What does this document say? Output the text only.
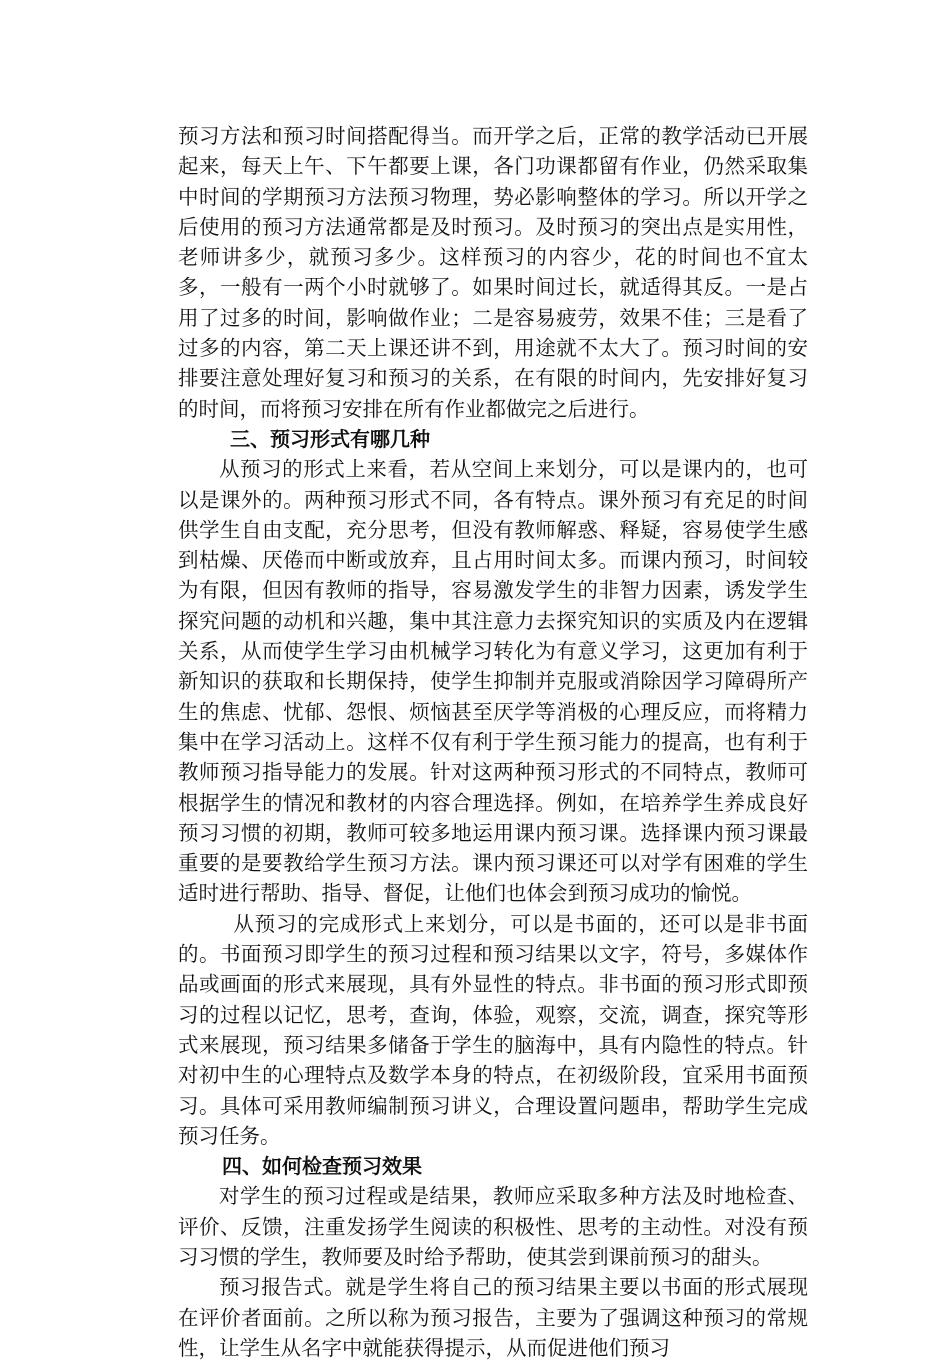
预习方法和预习时间搭配得当。而开学之后，正常的教学活动已开展起来，每天上午、下午都要上课，各门功课都留有作业，仍然采取集中时间的学期预习方法预习物理，势必影响整体的学习。所以开学之后使用的预习方法通常都是及时预习。及时预习的突出点是实用性，老师讲多少，就预习多少。这样预习的内容少，花的时间也不宜太多，一般有一两个小时就够了。如果时间过长，就适得其反。一是占用了过多的时间，影响做作业；二是容易疲劳，效果不佳；三是看了过多的内容，第二天上课还讲不到，用途就不太大了。预习时间的安排要注意处理好复习和预习的关系，在有限的时间内，先安排好复习的时间，而将预习安排在所有作业都做完之后进行。

三、预习形式有哪几种

从预习的形式上来看，若从空间上来划分，可以是课内的，也可以是课外的。两种预习形式不同，各有特点。课外预习有充足的时间供学生自由支配，充分思考，但没有教师解惑、释疑，容易使学生感到枯燥、厌倦而中断或放弃，且占用时间太多。而课内预习，时间较为有限，但因有教师的指导，容易激发学生的非智力因素，诱发学生探究问题的动机和兴趣，集中其注意力去探究知识的实质及内在逻辑关系，从而使学生学习由机械学习转化为有意义学习，这更加有利于新知识的获取和长期保持，使学生抑制并克服或消除因学习障碍所产生的焦虑、忧郁、怨恨、烦恼甚至厌学等消极的心理反应，而将精力集中在学习活动上。这样不仅有利于学生预习能力的提高，也有利于教师预习指导能力的发展。针对这两种预习形式的不同特点，教师可根据学生的情况和教材的内容合理选择。例如，在培养学生养成良好预习习惯的初期，教师可较多地运用课内预习课。选择课内预习课最重要的是要教给学生预习方法。课内预习课还可以对学有困难的学生适时进行帮助、指导、督促，让他们也体会到预习成功的愉悦。

从预习的完成形式上来划分，可以是书面的，还可以是非书面的。书面预习即学生的预习过程和预习结果以文字，符号，多媒体作品或画面的形式来展现，具有外显性的特点。非书面的预习形式即预习的过程以记忆，思考，查询，体验，观察，交流，调查，探究等形式来展现，预习结果多储备于学生的脑海中，具有内隐性的特点。针对初中生的心理特点及数学本身的特点，在初级阶段，宜采用书面预习。具体可采用教师编制预习讲义，合理设置问题串，帮助学生完成预习任务。

四、如何检查预习效果

对学生的预习过程或是结果，教师应采取多种方法及时地检查、评价、反馈，注重发扬学生阅读的积极性、思考的主动性。对没有预习习惯的学生，教师要及时给予帮助，使其尝到课前预习的甜头。

预习报告式。就是学生将自己的预习结果主要以书面的形式展现在评价者面前。之所以称为预习报告，主要为了强调这种预习的常规性，让学生从名字中就能获得提示，从而促进他们预习
